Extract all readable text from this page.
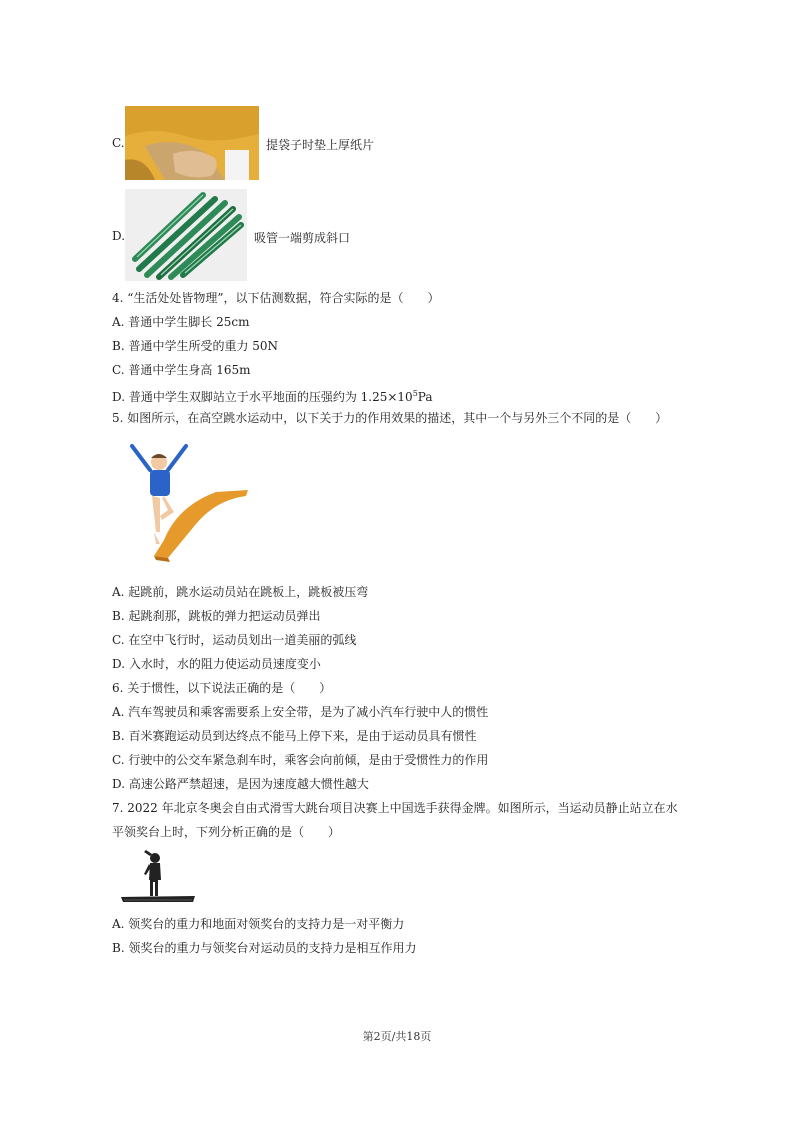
C.	提袋子时垫上厚纸片
D.	吸管一端剪成斜口
4. “生活处处皆物理”，以下估测数据，符合实际的是（　　）
A. 普通中学生脚长 25cm
B. 普通中学生所受的重力 50N
C. 普通中学生身高 165m
D. 普通中学生双脚站立于水平地面的压强约为 $1.25\times 10^5Pa$
5. 如图所示，在高空跳水运动中，以下关于力的作用效果的描述，其中一个与另外三个不同的是（　　）
A. 起跳前，跳水运动员站在跳板上，跳板被压弯
B. 起跳刹那，跳板的弹力把运动员弹出
C. 在空中飞行时，运动员划出一道美丽的弧线
D. 入水时，水的阻力使运动员速度变小
6. 关于惯性，以下说法正确的是（　　）
A. 汽车驾驶员和乘客需要系上安全带，是为了减小汽车行驶中人的惯性
B. 百米赛跑运动员到达终点不能马上停下来，是由于运动员具有惯性
C. 行驶中的公交车紧急刹车时，乘客会向前倾，是由于受惯性力的作用
D. 高速公路严禁超速，是因为速度越大惯性越大
7. 2022 年北京冬奥会自由式滑雪大跳台项目决赛上中国选手获得金牌。如图所示，当运动员静止站立在水
平领奖台上时，下列分析正确的是（　　）
A. 领奖台的重力和地面对领奖台的支持力是一对平衡力
B. 领奖台的重力与领奖台对运动员的支持力是相互作用力
第2页/共18页
